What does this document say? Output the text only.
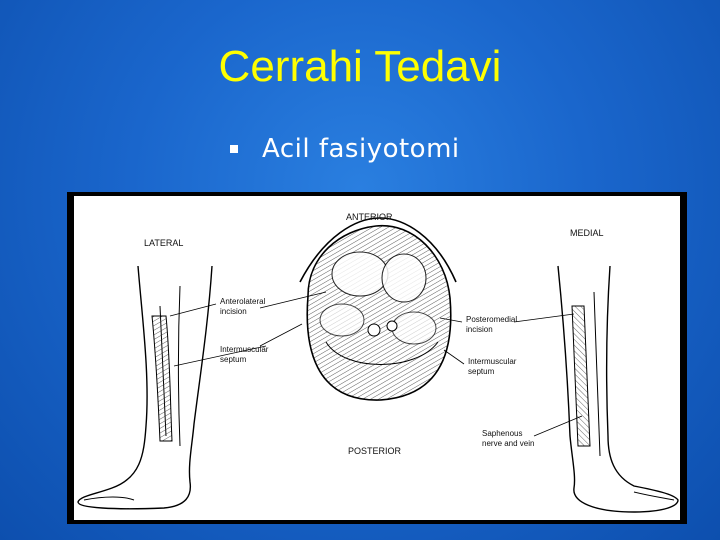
Cerrahi Tedavi
Acil fasiyotomi
ANTERIOR
POSTERIOR
LATERAL
MEDIAL
Anterolateral
incision
Intermuscular
septum
Posteromedial
incision
Intermuscular
septum
Saphenous
nerve and vein
